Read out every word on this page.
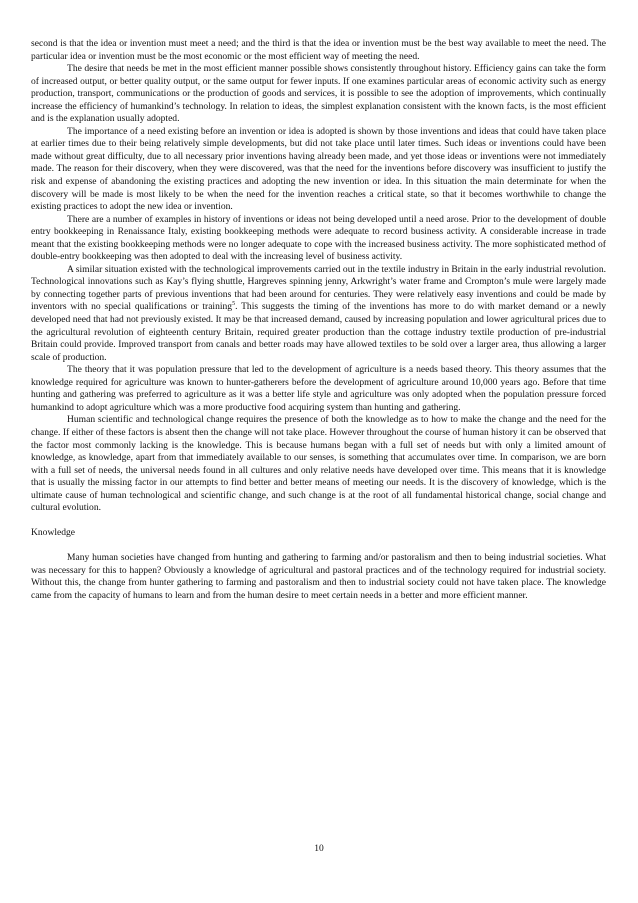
second is that the idea or invention must meet a need; and the third is that the idea or invention must be the best way available to meet the need. The particular idea or invention must be the most economic or the most efficient way of meeting the need.

The desire that needs be met in the most efficient manner possible shows consistently throughout history. Efficiency gains can take the form of increased output, or better quality output, or the same output for fewer inputs. If one examines particular areas of economic activity such as energy production, transport, communications or the production of goods and services, it is possible to see the adoption of improvements, which continually increase the efficiency of humankind’s technology. In relation to ideas, the simplest explanation consistent with the known facts, is the most efficient and is the explanation usually adopted.

The importance of a need existing before an invention or idea is adopted is shown by those inventions and ideas that could have taken place at earlier times due to their being relatively simple developments, but did not take place until later times. Such ideas or inventions could have been made without great difficulty, due to all necessary prior inventions having already been made, and yet those ideas or inventions were not immediately made. The reason for their discovery, when they were discovered, was that the need for the inventions before discovery was insufficient to justify the risk and expense of abandoning the existing practices and adopting the new invention or idea. In this situation the main determinate for when the discovery will be made is most likely to be when the need for the invention reaches a critical state, so that it becomes worthwhile to change the existing practices to adopt the new idea or invention.

There are a number of examples in history of inventions or ideas not being developed until a need arose. Prior to the development of double entry bookkeeping in Renaissance Italy, existing bookkeeping methods were adequate to record business activity. A considerable increase in trade meant that the existing bookkeeping methods were no longer adequate to cope with the increased business activity. The more sophisticated method of double-entry bookkeeping was then adopted to deal with the increasing level of business activity.

A similar situation existed with the technological improvements carried out in the textile industry in Britain in the early industrial revolution. Technological innovations such as Kay’s flying shuttle, Hargreves spinning jenny, Arkwright’s water frame and Crompton’s mule were largely made by connecting together parts of previous inventions that had been around for centuries. They were relatively easy inventions and could be made by inventors with no special qualifications or training$^5$. This suggests the timing of the inventions has more to do with market demand or a newly developed need that had not previously existed. It may be that increased demand, caused by increasing population and lower agricultural prices due to the agricultural revolution of eighteenth century Britain, required greater production than the cottage industry textile production of pre-industrial Britain could provide. Improved transport from canals and better roads may have allowed textiles to be sold over a larger area, thus allowing a larger scale of production.

The theory that it was population pressure that led to the development of agriculture is a needs based theory. This theory assumes that the knowledge required for agriculture was known to hunter-gatherers before the development of agriculture around 10,000 years ago. Before that time hunting and gathering was preferred to agriculture as it was a better life style and agriculture was only adopted when the population pressure forced humankind to adopt agriculture which was a more productive food acquiring system than hunting and gathering.

Human scientific and technological change requires the presence of both the knowledge as to how to make the change and the need for the change. If either of these factors is absent then the change will not take place. However throughout the course of human history it can be observed that the factor most commonly lacking is the knowledge. This is because humans began with a full set of needs but with only a limited amount of knowledge, as knowledge, apart from that immediately available to our senses, is something that accumulates over time. In comparison, we are born with a full set of needs, the universal needs found in all cultures and only relative needs have developed over time. This means that it is knowledge that is usually the missing factor in our attempts to find better and better means of meeting our needs. It is the discovery of knowledge, which is the ultimate cause of human technological and scientific change, and such change is at the root of all fundamental historical change, social change and cultural evolution.

Knowledge

Many human societies have changed from hunting and gathering to farming and/or pastoralism and then to being industrial societies. What was necessary for this to happen? Obviously a knowledge of agricultural and pastoral practices and of the technology required for industrial society. Without this, the change from hunter gathering to farming and pastoralism and then to industrial society could not have taken place. The knowledge came from the capacity of humans to learn and from the human desire to meet certain needs in a better and more efficient manner.

10
